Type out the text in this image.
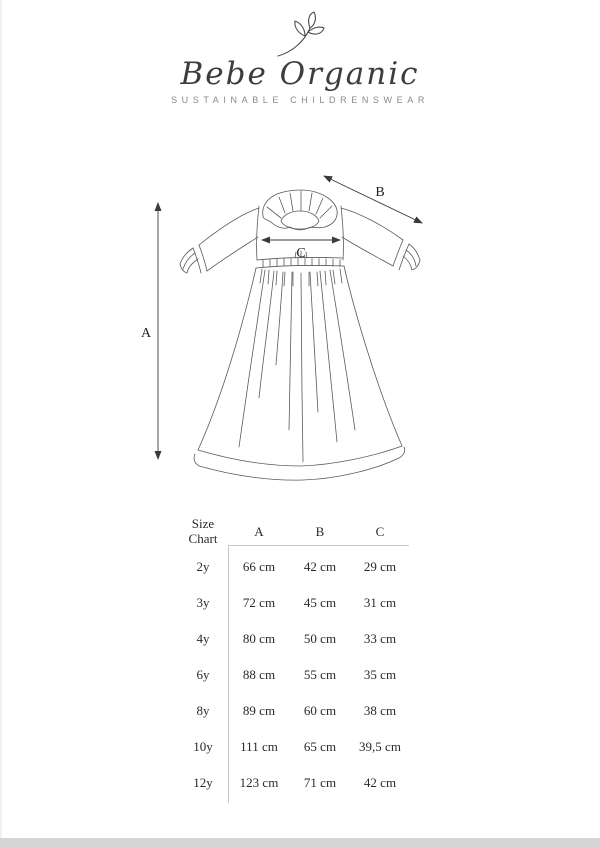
Bebe Organic
SUSTAINABLE CHILDRENSWEAR
A
B
C
Size
Chart	A	B	C
2y	66 cm	42 cm	29 cm
3y	72 cm	45 cm	31 cm
4y	80 cm	50 cm	33 cm
6y	88 cm	55 cm	35 cm
8y	89 cm	60 cm	38 cm
10y	111 cm	65 cm	39,5 cm
12y	123 cm	71 cm	42 cm
